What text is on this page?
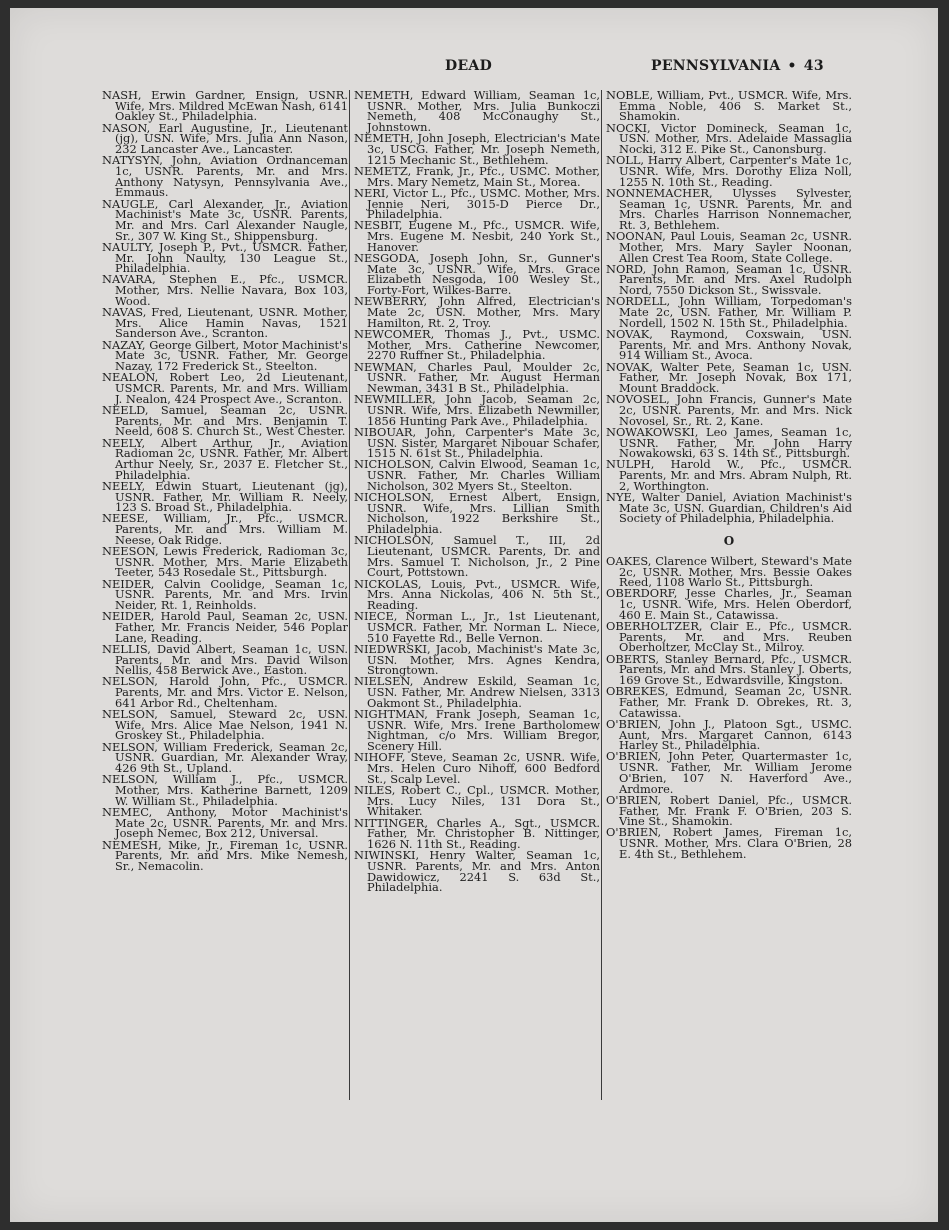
DEAD	PENNSYLVANIA • 43

NASH, Erwin Gardner, Ensign, USNR. Wife, Mrs. Mildred McEwan Nash, 6141 Oakley St., Philadelphia.

NASON, Earl Augustine, Jr., Lieutenant (jg), USN. Wife, Mrs. Julia Ann Nason, 232 Lancaster Ave., Lancaster.

NATYSYN, John, Aviation Ordnanceman 1c, USNR. Parents, Mr. and Mrs. Anthony Natysyn, Pennsylvania Ave., Emmaus.

NAUGLE, Carl Alexander, Jr., Aviation Machinist's Mate 3c, USNR. Parents, Mr. and Mrs. Carl Alexander Naugle, Sr., 307 W. King St., Shippensburg.

NAULTY, Joseph P., Pvt., USMCR. Father, Mr. John Naulty, 130 League St., Philadelphia.

NAVARA, Stephen E., Pfc., USMCR. Mother, Mrs. Nellie Navara, Box 103, Wood.

NAVAS, Fred, Lieutenant, USNR. Mother, Mrs. Alice Hamin Navas, 1521 Sanderson Ave., Scranton.

NAZAY, George Gilbert, Motor Machinist's Mate 3c, USNR. Father, Mr. George Nazay, 172 Frederick St., Steelton.

NEALON, Robert Leo, 2d Lieutenant, USMCR. Parents, Mr. and Mrs. William J. Nealon, 424 Prospect Ave., Scranton.

NEELD, Samuel, Seaman 2c, USNR. Parents, Mr. and Mrs. Benjamin T. Neeld, 608 S. Church St., West Chester.

NEELY, Albert Arthur, Jr., Aviation Radioman 2c, USNR. Father, Mr. Albert Arthur Neely, Sr., 2037 E. Fletcher St., Philadelphia.

NEELY, Edwin Stuart, Lieutenant (jg), USNR. Father, Mr. William R. Neely, 123 S. Broad St., Philadelphia.

NEESE, William, Jr., Pfc., USMCR. Parents, Mr. and Mrs. William M. Neese, Oak Ridge.

NEESON, Lewis Frederick, Radioman 3c, USNR. Mother, Mrs. Marie Elizabeth Teeter, 543 Rosedale St., Pittsburgh.

NEIDER, Calvin Coolidge, Seaman 1c, USNR. Parents, Mr. and Mrs. Irvin Neider, Rt. 1, Reinholds.

NEIDER, Harold Paul, Seaman 2c, USN. Father, Mr. Francis Neider, 546 Poplar Lane, Reading.

NELLIS, David Albert, Seaman 1c, USN. Parents, Mr. and Mrs. David Wilson Nellis, 458 Berwick Ave., Easton.

NELSON, Harold John, Pfc., USMCR. Parents, Mr. and Mrs. Victor E. Nelson, 641 Arbor Rd., Cheltenham.

NELSON, Samuel, Steward 2c, USN. Wife, Mrs. Alice Mae Nelson, 1941 N. Groskey St., Philadelphia.

NELSON, William Frederick, Seaman 2c, USNR. Guardian, Mr. Alexander Wray, 426 9th St., Upland.

NELSON, William J., Pfc., USMCR. Mother, Mrs. Katherine Barnett, 1209 W. William St., Philadelphia.

NEMEC, Anthony, Motor Machinist's Mate 2c, USNR. Parents, Mr. and Mrs. Joseph Nemec, Box 212, Universal.

NEMESH, Mike, Jr., Fireman 1c, USNR. Parents, Mr. and Mrs. Mike Nemesh, Sr., Nemacolin.

NEMETH, Edward William, Seaman 1c, USNR. Mother, Mrs. Julia Bunkoczi Nemeth, 408 McConaughy St., Johnstown.

NEMETH, John Joseph, Electrician's Mate 3c, USCG. Father, Mr. Joseph Nemeth, 1215 Mechanic St., Bethlehem.

NEMETZ, Frank, Jr., Pfc., USMC. Mother, Mrs. Mary Nemetz, Main St., Morea.

NERI, Victor L., Pfc., USMC. Mother, Mrs. Jennie Neri, 3015-D Pierce Dr., Philadelphia.

NESBIT, Eugene M., Pfc., USMCR. Wife, Mrs. Eugene M. Nesbit, 240 York St., Hanover.

NESGODA, Joseph John, Sr., Gunner's Mate 3c, USNR. Wife, Mrs. Grace Elizabeth Nesgoda, 100 Wesley St., Forty-Fort, Wilkes-Barre.

NEWBERRY, John Alfred, Electrician's Mate 2c, USN. Mother, Mrs. Mary Hamilton, Rt. 2, Troy.

NEWCOMER, Thomas J., Pvt., USMC. Mother, Mrs. Catherine Newcomer, 2270 Ruffner St., Philadelphia.

NEWMAN, Charles Paul, Moulder 2c, USNR. Father, Mr. August Herman Newman, 3431 B St., Philadelphia.

NEWMILLER, John Jacob, Seaman 2c, USNR. Wife, Mrs. Elizabeth Newmiller, 1856 Hunting Park Ave., Philadelphia.

NIBOUAR, John, Carpenter's Mate 3c, USN. Sister, Margaret Nibouar Schafer, 1515 N. 61st St., Philadelphia.

NICHOLSON, Calvin Elwood, Seaman 1c, USNR. Father, Mr. Charles William Nicholson, 302 Myers St., Steelton.

NICHOLSON, Ernest Albert, Ensign, USNR. Wife, Mrs. Lillian Smith Nicholson, 1922 Berkshire St., Philadelphia.

NICHOLSON, Samuel T., III, 2d Lieutenant, USMCR. Parents, Dr. and Mrs. Samuel T. Nicholson, Jr., 2 Pine Court, Pottstown.

NICKOLAS, Louis, Pvt., USMCR. Wife, Mrs. Anna Nickolas, 406 N. 5th St., Reading.

NIECE, Norman L., Jr., 1st Lieutenant, USMCR. Father, Mr. Norman L. Niece, 510 Fayette Rd., Belle Vernon.

NIEDWRSKI, Jacob, Machinist's Mate 3c, USN. Mother, Mrs. Agnes Kendra, Strongtown.

NIELSEN, Andrew Eskild, Seaman 1c, USN. Father, Mr. Andrew Nielsen, 3313 Oakmont St., Philadelphia.

NIGHTMAN, Frank Joseph, Seaman 1c, USNR. Wife, Mrs. Irene Bartholomew Nightman, c/o Mrs. William Bregor, Scenery Hill.

NIHOFF, Steve, Seaman 2c, USNR. Wife, Mrs. Helen Curo Nihoff, 600 Bedford St., Scalp Level.

NILES, Robert C., Cpl., USMCR. Mother, Mrs. Lucy Niles, 131 Dora St., Whitaker.

NITTINGER, Charles A., Sgt., USMCR. Father, Mr. Christopher B. Nittinger, 1626 N. 11th St., Reading.

NIWINSKI, Henry Walter, Seaman 1c, USNR. Parents, Mr. and Mrs. Anton Dawidowicz, 2241 S. 63d St., Philadelphia.

NOBLE, William, Pvt., USMCR. Wife, Mrs. Emma Noble, 406 S. Market St., Shamokin.

NOCKI, Victor Domineck, Seaman 1c, USN. Mother, Mrs. Adelaide Massaglia Nocki, 312 E. Pike St., Canonsburg.

NOLL, Harry Albert, Carpenter's Mate 1c, USNR. Wife, Mrs. Dorothy Eliza Noll, 1255 N. 10th St., Reading.

NONNEMACHER, Ulysses Sylvester, Seaman 1c, USNR. Parents, Mr. and Mrs. Charles Harrison Nonnemacher, Rt. 3, Bethlehem.

NOONAN, Paul Louis, Seaman 2c, USNR. Mother, Mrs. Mary Sayler Noonan, Allen Crest Tea Room, State College.

NORD, John Ramon, Seaman 1c, USNR. Parents, Mr. and Mrs. Axel Rudolph Nord, 7550 Dickson St., Swissvale.

NORDELL, John William, Torpedoman's Mate 2c, USN. Father, Mr. William P. Nordell, 1502 N. 15th St., Philadelphia.

NOVAK, Raymond, Coxswain, USN. Parents, Mr. and Mrs. Anthony Novak, 914 William St., Avoca.

NOVAK, Walter Pete, Seaman 1c, USN. Father, Mr. Joseph Novak, Box 171, Mount Braddock.

NOVOSEL, John Francis, Gunner's Mate 2c, USNR. Parents, Mr. and Mrs. Nick Novosel, Sr., Rt. 2, Kane.

NOWAKOWSKI, Leo James, Seaman 1c, USNR. Father, Mr. John Harry Nowakowski, 63 S. 14th St., Pittsburgh.

NULPH, Harold W., Pfc., USMCR. Parents, Mr. and Mrs. Abram Nulph, Rt. 2, Worthington.

NYE, Walter Daniel, Aviation Machinist's Mate 3c, USN. Guardian, Children's Aid Society of Philadelphia, Philadelphia.

O

OAKES, Clarence Wilbert, Steward's Mate 2c, USNR. Mother, Mrs. Bessie Oakes Reed, 1108 Warlo St., Pittsburgh.

OBERDORF, Jesse Charles, Jr., Seaman 1c, USNR. Wife, Mrs. Helen Oberdorf, 460 E. Main St., Catawissa.

OBERHOLTZER, Clair E., Pfc., USMCR. Parents, Mr. and Mrs. Reuben Oberholtzer, McClay St., Milroy.

OBERTS, Stanley Bernard, Pfc., USMCR. Parents, Mr. and Mrs. Stanley J. Oberts, 169 Grove St., Edwardsville, Kingston.

OBREKES, Edmund, Seaman 2c, USNR. Father, Mr. Frank D. Obrekes, Rt. 3, Catawissa.

O'BRIEN, John J., Platoon Sgt., USMC. Aunt, Mrs. Margaret Cannon, 6143 Harley St., Philadelphia.

O'BRIEN, John Peter, Quartermaster 1c, USNR. Father, Mr. William Jerome O'Brien, 107 N. Haverford Ave., Ardmore.

O'BRIEN, Robert Daniel, Pfc., USMCR. Father, Mr. Frank F. O'Brien, 203 S. Vine St., Shamokin.

O'BRIEN, Robert James, Fireman 1c, USNR. Mother, Mrs. Clara O'Brien, 28 E. 4th St., Bethlehem.
